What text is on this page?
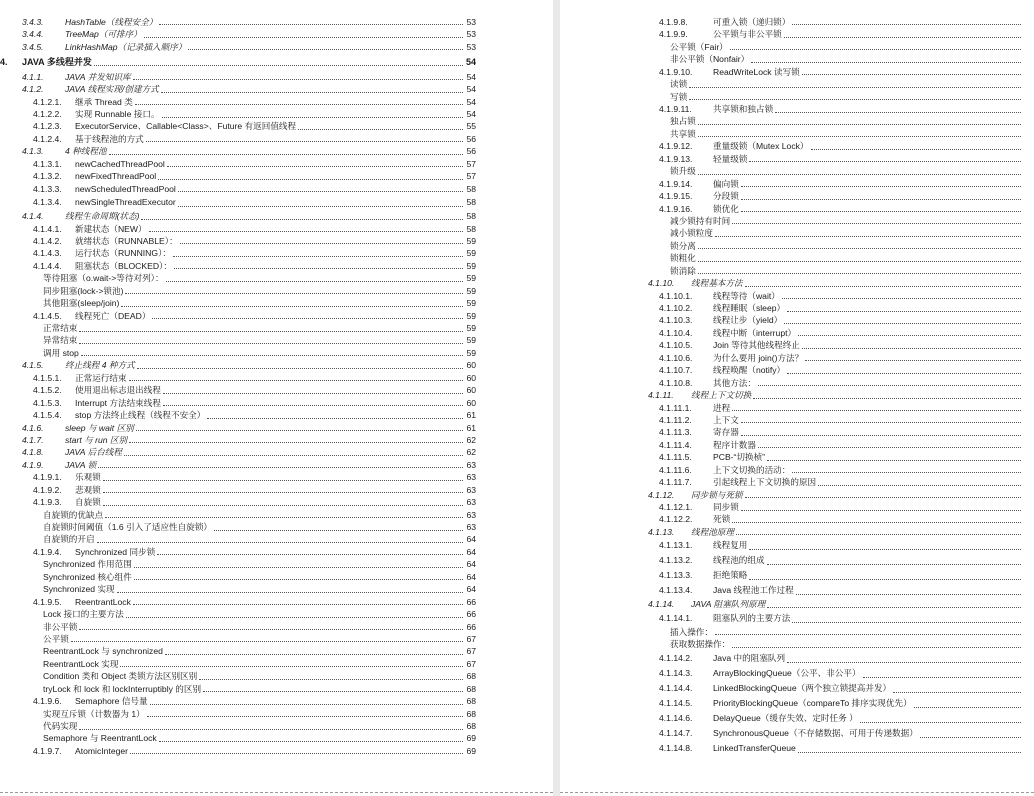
3.4.3.	HashTable（线程安全）	53
3.4.4.	TreeMap（可排序）	53
3.4.5.	LinkHashMap（记录插入顺序）	53
4.	JAVA 多线程并发	54
4.1.1.	JAVA 并发知识库	54
4.1.2.	JAVA 线程实现/创建方式	54
4.1.2.1.	继承 Thread 类	54
4.1.2.2.	实现 Runnable 接口。	54
4.1.2.3.	ExecutorService、Callable<Class>、Future 有返回值线程	55
4.1.2.4.	基于线程池的方式	56
4.1.3.	4 种线程池	56
4.1.3.1.	newCachedThreadPool	57
4.1.3.2.	newFixedThreadPool	57
4.1.3.3.	newScheduledThreadPool	58
4.1.3.4.	newSingleThreadExecutor	58
4.1.4.	线程生命周期(状态)	58
4.1.4.1.	新建状态（NEW）	58
4.1.4.2.	就绪状态（RUNNABLE）：	59
4.1.4.3.	运行状态（RUNNING）：	59
4.1.4.4.	阻塞状态（BLOCKED）：	59
等待阻塞（o.wait->等待对列）：	59
同步阻塞(lock->锁池)	59
其他阻塞(sleep/join)	59
4.1.4.5.	线程死亡（DEAD）	59
正常结束	59
异常结束	59
调用 stop	59
4.1.5.	终止线程 4 种方式	60
4.1.5.1.	正常运行结束	60
4.1.5.2.	使用退出标志退出线程	60
4.1.5.3.	Interrupt 方法结束线程	60
4.1.5.4.	stop 方法终止线程（线程不安全）	61
4.1.6.	sleep 与 wait 区别	61
4.1.7.	start 与 run 区别	62
4.1.8.	JAVA 后台线程	62
4.1.9.	JAVA 锁	63
4.1.9.1.	乐观锁	63
4.1.9.2.	悲观锁	63
4.1.9.3.	自旋锁	63
自旋锁的优缺点	63
自旋锁时间阈值（1.6 引入了适应性自旋锁）	63
自旋锁的开启	64
4.1.9.4.	Synchronized 同步锁	64
Synchronized 作用范围	64
Synchronized 核心组件	64
Synchronized 实现	64
4.1.9.5.	ReentrantLock	66
Lock 接口的主要方法	66
非公平锁	66
公平锁	67
ReentrantLock 与 synchronized	67
ReentrantLock 实现	67
Condition 类和 Object 类锁方法区别区别	68
tryLock 和 lock 和 lockInterruptibly 的区别	68
4.1.9.6.	Semaphore 信号量	68
实现互斥锁（计数器为 1）	68
代码实现	68
Semaphore 与 ReentrantLock	69
4.1.9.7.	AtomicInteger	69
4.1.9.8.	可重入锁（递归锁）
4.1.9.9.	公平锁与非公平锁
公平锁（Fair）
非公平锁（Nonfair）
4.1.9.10.	ReadWriteLock 读写锁
读锁
写锁
4.1.9.11.	共享锁和独占锁
独占锁
共享锁
4.1.9.12.	重量级锁（Mutex Lock）
4.1.9.13.	轻量级锁
锁升级
4.1.9.14.	偏向锁
4.1.9.15.	分段锁
4.1.9.16.	锁优化
减少锁持有时间
减小锁粒度
锁分离
锁粗化
锁消除
4.1.10.	线程基本方法
4.1.10.1.	线程等待（wait）
4.1.10.2.	线程睡眠（sleep）
4.1.10.3.	线程让步（yield）
4.1.10.4.	线程中断（interrupt）
4.1.10.5.	Join 等待其他线程终止
4.1.10.6.	为什么要用 join()方法？
4.1.10.7.	线程唤醒（notify）
4.1.10.8.	其他方法：
4.1.11.	线程上下文切换
4.1.11.1.	进程
4.1.11.2.	上下文
4.1.11.3.	寄存器
4.1.11.4.	程序计数器
4.1.11.5.	PCB-“切换桢”
4.1.11.6.	上下文切换的活动：
4.1.11.7.	引起线程上下文切换的原因
4.1.12.	同步锁与死锁
4.1.12.1.	同步锁
4.1.12.2.	死锁
4.1.13.	线程池原理
4.1.13.1.	线程复用
4.1.13.2.	线程池的组成
4.1.13.3.	拒绝策略
4.1.13.4.	Java 线程池工作过程
4.1.14.	JAVA 阻塞队列原理
4.1.14.1.	阻塞队列的主要方法
插入操作：
获取数据操作：
4.1.14.2.	Java 中的阻塞队列
4.1.14.3.	ArrayBlockingQueue（公平、非公平）
4.1.14.4.	LinkedBlockingQueue（两个独立锁提高并发）
4.1.14.5.	PriorityBlockingQueue（compareTo 排序实现优先）
4.1.14.6.	DelayQueue（缓存失效、定时任务 ）
4.1.14.7.	SynchronousQueue（不存储数据、可用于传递数据）
4.1.14.8.	LinkedTransferQueue
